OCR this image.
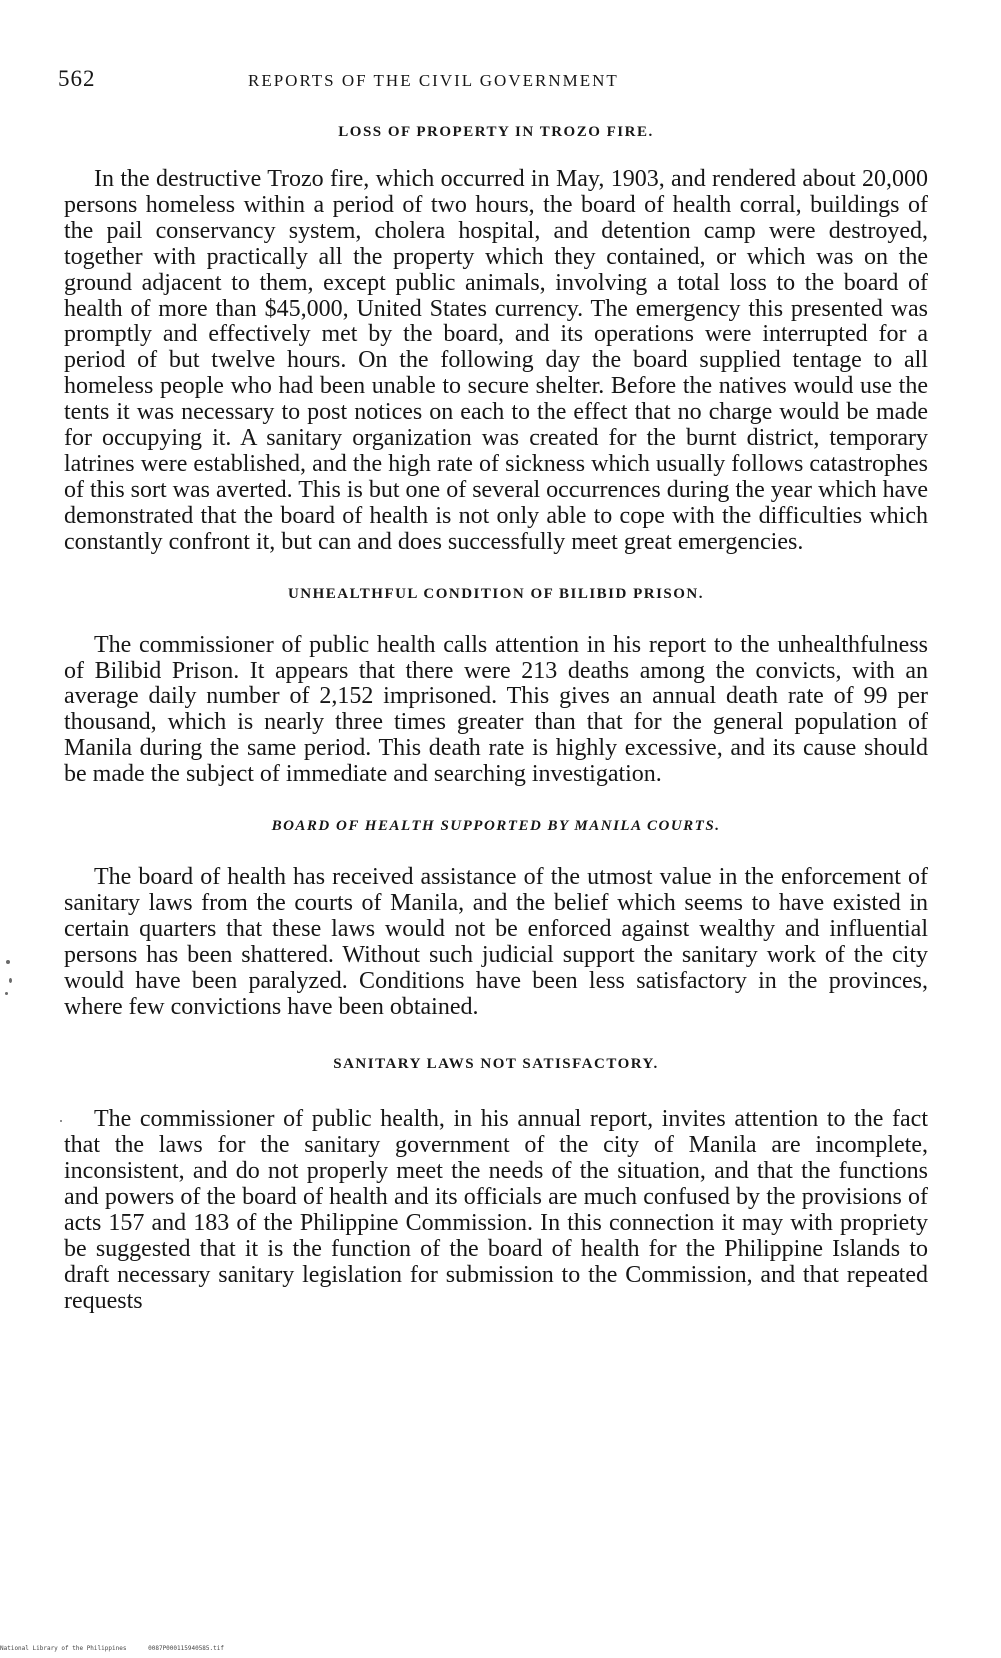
562	REPORTS OF THE CIVIL GOVERNMENT
LOSS OF PROPERTY IN TROZO FIRE.

In the destructive Trozo fire, which occurred in May, 1903, and rendered about 20,000 persons homeless within a period of two hours, the board of health corral, buildings of the pail conservancy system, cholera hospital, and detention camp were destroyed, together with practically all the property which they contained, or which was on the ground adjacent to them, except public animals, involving a total loss to the board of health of more than $45,000, United States currency. The emergency this presented was promptly and effectively met by the board, and its operations were interrupted for a period of but twelve hours. On the following day the board supplied tentage to all homeless people who had been unable to secure shelter. Before the natives would use the tents it was necessary to post notices on each to the effect that no charge would be made for occupying it. A sanitary organization was created for the burnt district, temporary latrines were established, and the high rate of sickness which usually follows catastrophes of this sort was averted. This is but one of several occurrences during the year which have demonstrated that the board of health is not only able to cope with the difficulties which constantly confront it, but can and does successfully meet great emergencies.

UNHEALTHFUL CONDITION OF BILIBID PRISON.

The commissioner of public health calls attention in his report to the unhealthfulness of Bilibid Prison. It appears that there were 213 deaths among the convicts, with an average daily number of 2,152 imprisoned. This gives an annual death rate of 99 per thousand, which is nearly three times greater than that for the general population of Manila during the same period. This death rate is highly excessive, and its cause should be made the subject of immediate and searching investigation.

BOARD OF HEALTH SUPPORTED BY MANILA COURTS.

The board of health has received assistance of the utmost value in the enforcement of sanitary laws from the courts of Manila, and the belief which seems to have existed in certain quarters that these laws would not be enforced against wealthy and influential persons has been shattered. Without such judicial support the sanitary work of the city would have been paralyzed. Conditions have been less satisfactory in the provinces, where few convictions have been obtained.

SANITARY LAWS NOT SATISFACTORY.

The commissioner of public health, in his annual report, invites attention to the fact that the laws for the sanitary government of the city of Manila are incomplete, inconsistent, and do not properly meet the needs of the situation, and that the functions and powers of the board of health and its officials are much confused by the provisions of acts 157 and 183 of the Philippine Commission. In this connection it may with propriety be suggested that it is the function of the board of health for the Philippine Islands to draft necessary sanitary legislation for submission to the Commission, and that repeated requests

National Library of the Philippines	0087P000115940585.tif
